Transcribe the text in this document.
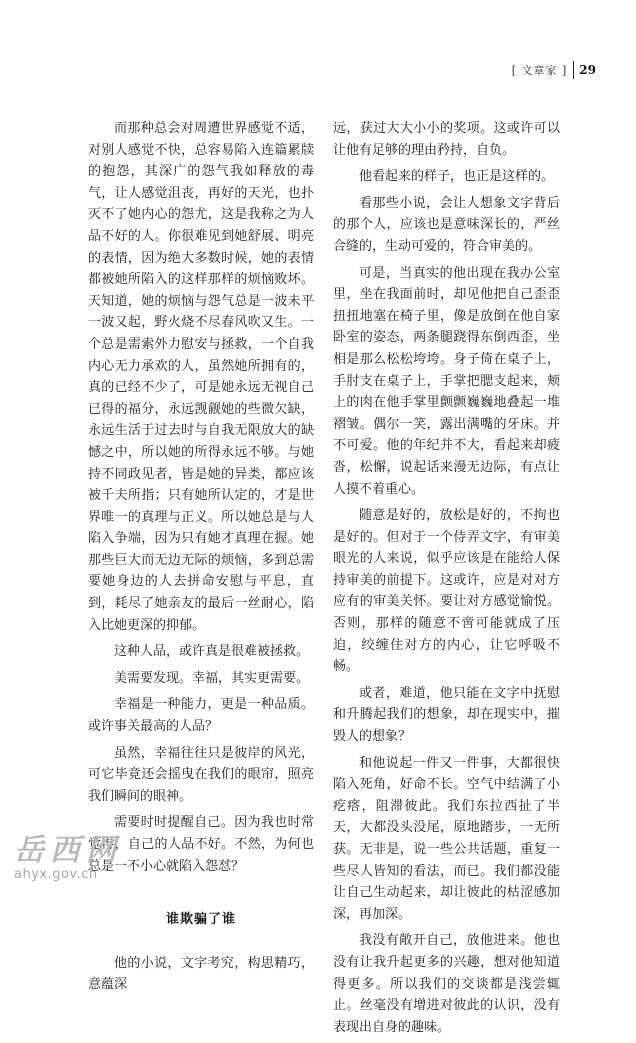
[ 文章家 ]	29

而那种总会对周遭世界感觉不适，对别人感觉不快，总容易陷入连篇累牍的抱怨，其深广的怨气我如释放的毒气，让人感觉沮丧，再好的天光，也扑灭不了她内心的怨尤，这是我称之为人品不好的人。你很难见到她舒展、明亮的表情，因为绝大多数时候，她的表情都被她所陷入的这样那样的烦恼败坏。天知道，她的烦恼与怨气总是一波未平一波又起，野火烧不尽春风吹又生。一个总是需索外力慰安与拯救，一个自我内心无力承欢的人，虽然她所拥有的，真的已经不少了，可是她永远无视自己已得的福分，永远觊觎她的些微欠缺，永远生活于过去时与自我无限放大的缺憾之中，所以她的所得永远不够。与她持不同政见者，皆是她的异类，都应该被千夫所指；只有她所认定的，才是世界唯一的真理与正义。所以她总是与人陷入争端，因为只有她才真理在握。她那些巨大而无边无际的烦恼，多到总需要她身边的人去拼命安慰与平息，直到，耗尽了她亲友的最后一丝耐心，陷入比她更深的抑郁。

这种人品，或许真是很难被拯救。

美需要发现。幸福，其实更需要。

幸福是一种能力，更是一种品质。或许事关最高的人品？

虽然，幸福往往只是彼岸的风光，可它毕竟还会摇曳在我们的眼帘，照亮我们瞬间的眼神。

需要时时提醒自己。因为我也时常觉得，自己的人品不好。不然，为何也总是一不小心就陷入怨怼？

谁欺骗了谁

他的小说，文字考究，构思精巧，意蕴深

远，获过大大小小的奖项。这或许可以让他有足够的理由矜持，自负。

他看起来的样子，也正是这样的。

看那些小说，会让人想象文字背后的那个人，应该也是意味深长的，严丝合缝的，生动可爱的，符合审美的。

可是，当真实的他出现在我办公室里，坐在我面前时，却见他把自己歪歪扭扭地塞在椅子里，像是放倒在他自家卧室的姿态，两条腿跷得东倒西歪，坐相是那么松松垮垮。身子倚在桌子上，手肘支在桌子上，手掌把腮支起来，颊上的肉在他手掌里颤颤巍巍地叠起一堆褶皱。偶尔一笑，露出满嘴的牙床。并不可爱。他的年纪并不大，看起来却疲沓，松懈，说起话来漫无边际，有点让人摸不着重心。

随意是好的，放松是好的，不拘也是好的。但对于一个侍弄文字，有审美眼光的人来说，似乎应该是在能给人保持审美的前提下。这或许，应是对对方应有的审美关怀。要让对方感觉愉悦。否则，那样的随意不啻可能就成了压迫，绞缠住对方的内心，让它呼吸不畅。

或者，难道，他只能在文字中抚慰和升腾起我们的想象，却在现实中，摧毁人的想象？

和他说起一件又一件事，大都很快陷入死角，好命不长。空气中结满了小疙瘩，阻滞彼此。我们东拉西扯了半天，大都没头没尾，原地踏步，一无所获。无非是，说一些公共话题，重复一些尽人皆知的看法，而已。我们都没能让自己生动起来，却让彼此的枯涩感加深，再加深。

我没有敞开自己，放他进来。他也没有让我升起更多的兴趣，想对他知道得更多。所以我们的交谈都是浅尝辄止。丝毫没有增进对彼此的认识，没有表现出自身的趣味。

岳西网
ahyx.gov.cn
